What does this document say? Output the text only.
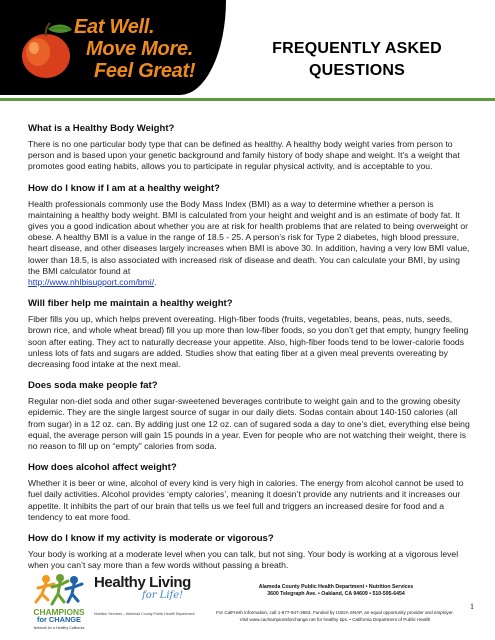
Eat Well.
Move More.
Feel Great!
FREQUENTLY ASKED
QUESTIONS
What is a Healthy Body Weight?
There is no one particular body type that can be defined as healthy. A healthy body weight varies from person to person and is based upon your genetic background and family history of body shape and weight. It’s a weight that promotes good eating habits, allows you to participate in regular physical activity, and is acceptable to you.
How do I know if I am at a healthy weight?
Health professionals commonly use the Body Mass Index (BMI) as a way to determine whether a person is maintaining a healthy body weight. BMI is calculated from your height and weight and is an estimate of body fat. It gives you a good indication about whether you are at risk for health problems that are related to being overweight or obese. A healthy BMI is a value in the range of 18.5 - 25. A person’s risk for Type 2 diabetes, high blood pressure, heart disease, and other diseases largely increases when BMI is above 30. In addition, having a very low BMI value, lower than 18.5, is also associated with increased risk of disease and death. You can calculate your BMI, by using the BMI calculator found at
http://www.nhlbisupport.com/bmi/.
Will fiber help me maintain a healthy weight?
Fiber fills you up, which helps prevent overeating. High-fiber foods (fruits, vegetables, beans, peas, nuts, seeds, brown rice, and whole wheat bread) fill you up more than low-fiber foods, so you don’t get that empty, hungry feeling soon after eating. They act to naturally decrease your appetite. Also, high-fiber foods tend to be lower-calorie foods unless lots of fats and sugars are added. Studies show that eating fiber at a given meal prevents overeating by decreasing food intake at the next meal.
Does soda make people fat?
Regular non-diet soda and other sugar-sweetened beverages contribute to weight gain and to the growing obesity epidemic. They are the single largest source of sugar in our daily diets. Sodas contain about 140-150 calories (all from sugar) in a 12 oz. can. By adding just one 12 oz. can of sugared soda a day to one’s diet, everything else being equal, the average person will gain 15 pounds in a year. Even for people who are not watching their weight, there is no reason to fill up on “empty” calories from soda.
How does alcohol affect weight?
Whether it is beer or wine, alcohol of every kind is very high in calories. The energy from alcohol cannot be used to fuel daily activities. Alcohol provides ‘empty calories’, meaning it doesn’t provide any nutrients and it increases our appetite. It inhibits the part of our brain that tells us we feel full and triggers an increased desire for food and a tendency to eat more food.
How do I know if my activity is moderate or vigorous?
Your body is working at a moderate level when you can talk, but not sing. Your body is working at a vigorous level when you can’t say more than a few words without passing a breath.
CHAMPIONS
for CHANGE
Network for a Healthy California
Healthy Living
for Life!
Nutrition Services – Alameda County Public Health Department
Alameda County Public Health Department • Nutrition Services
3600 Telegraph Ave. • Oakland, CA 94609 • 510-595-6454
For CalFresh information, call 1-877-847-3663. Funded by USDA SNAP, an equal opportunity provider and employer.
Visit www.cachampionsforchange.net for healthy tips. • California Department of Public Health
1
